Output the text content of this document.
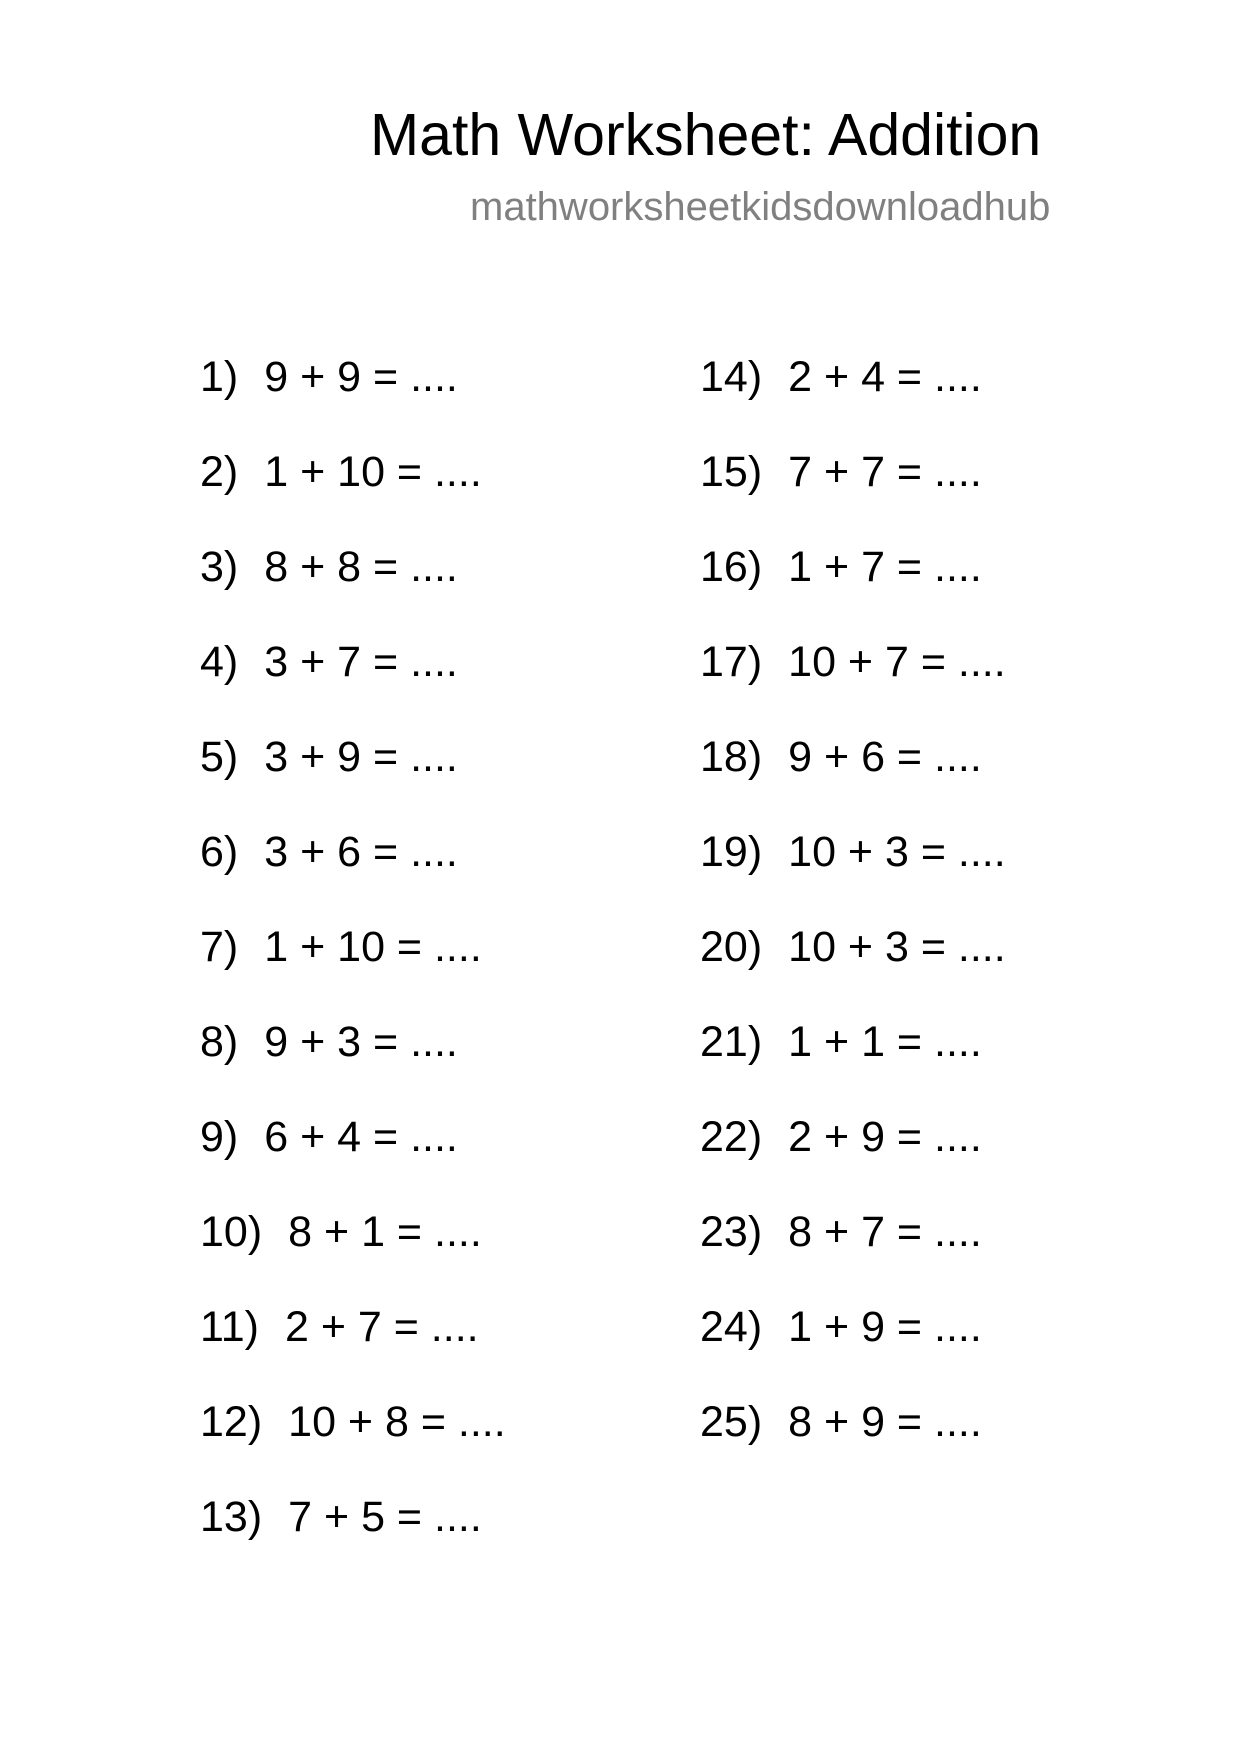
Math Worksheet: Addition
mathworksheetkidsdownloadhub
1) 9 + 9 = ....
2) 1 + 10 = ....
3) 8 + 8 = ....
4) 3 + 7 = ....
5) 3 + 9 = ....
6) 3 + 6 = ....
7) 1 + 10 = ....
8) 9 + 3 = ....
9) 6 + 4 = ....
10) 8 + 1 = ....
11) 2 + 7 = ....
12) 10 + 8 = ....
13) 7 + 5 = ....
14) 2 + 4 = ....
15) 7 + 7 = ....
16) 1 + 7 = ....
17) 10 + 7 = ....
18) 9 + 6 = ....
19) 10 + 3 = ....
20) 10 + 3 = ....
21) 1 + 1 = ....
22) 2 + 9 = ....
23) 8 + 7 = ....
24) 1 + 9 = ....
25) 8 + 9 = ....
